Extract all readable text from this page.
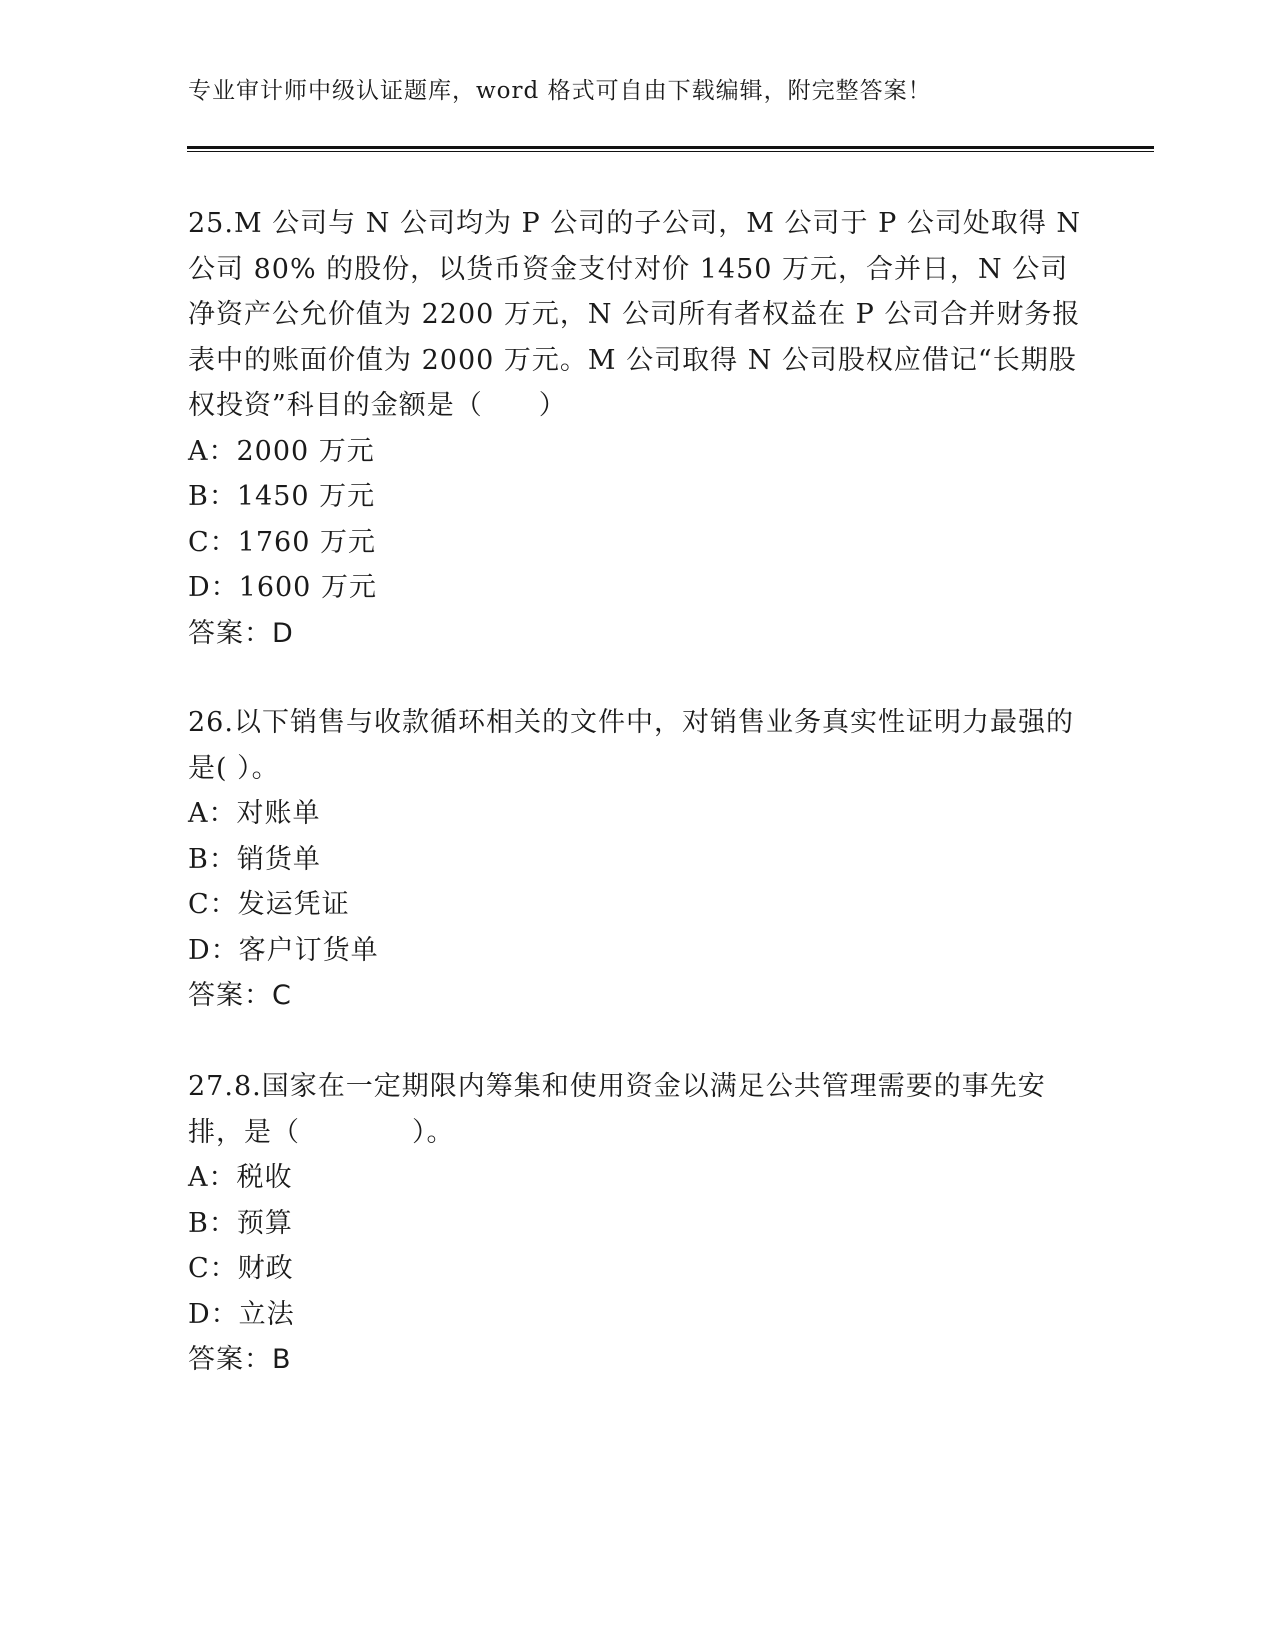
专业审计师中级认证题库，word 格式可自由下载编辑，附完整答案！

25.M 公司与 N 公司均为 P 公司的子公司，M 公司于 P 公司处取得 N 公司 80% 的股份，以货币资金支付对价 1450 万元，合并日，N 公司净资产公允价值为 2200 万元，N 公司所有者权益在 P 公司合并财务报表中的账面价值为 2000 万元。M 公司取得 N 公司股权应借记“长期股权投资”科目的金额是（　　）

A：2000 万元

B：1450 万元

C：1760 万元

D：1600 万元

答案：D

26.以下销售与收款循环相关的文件中，对销售业务真实性证明力最强的是( ）。

A：对账单

B：销货单

C：发运凭证

D：客户订货单

答案：C

27.8.国家在一定期限内筹集和使用资金以满足公共管理需要的事先安排，是（　　　　）。

A：税收

B：预算

C：财政

D：立法

答案：B
